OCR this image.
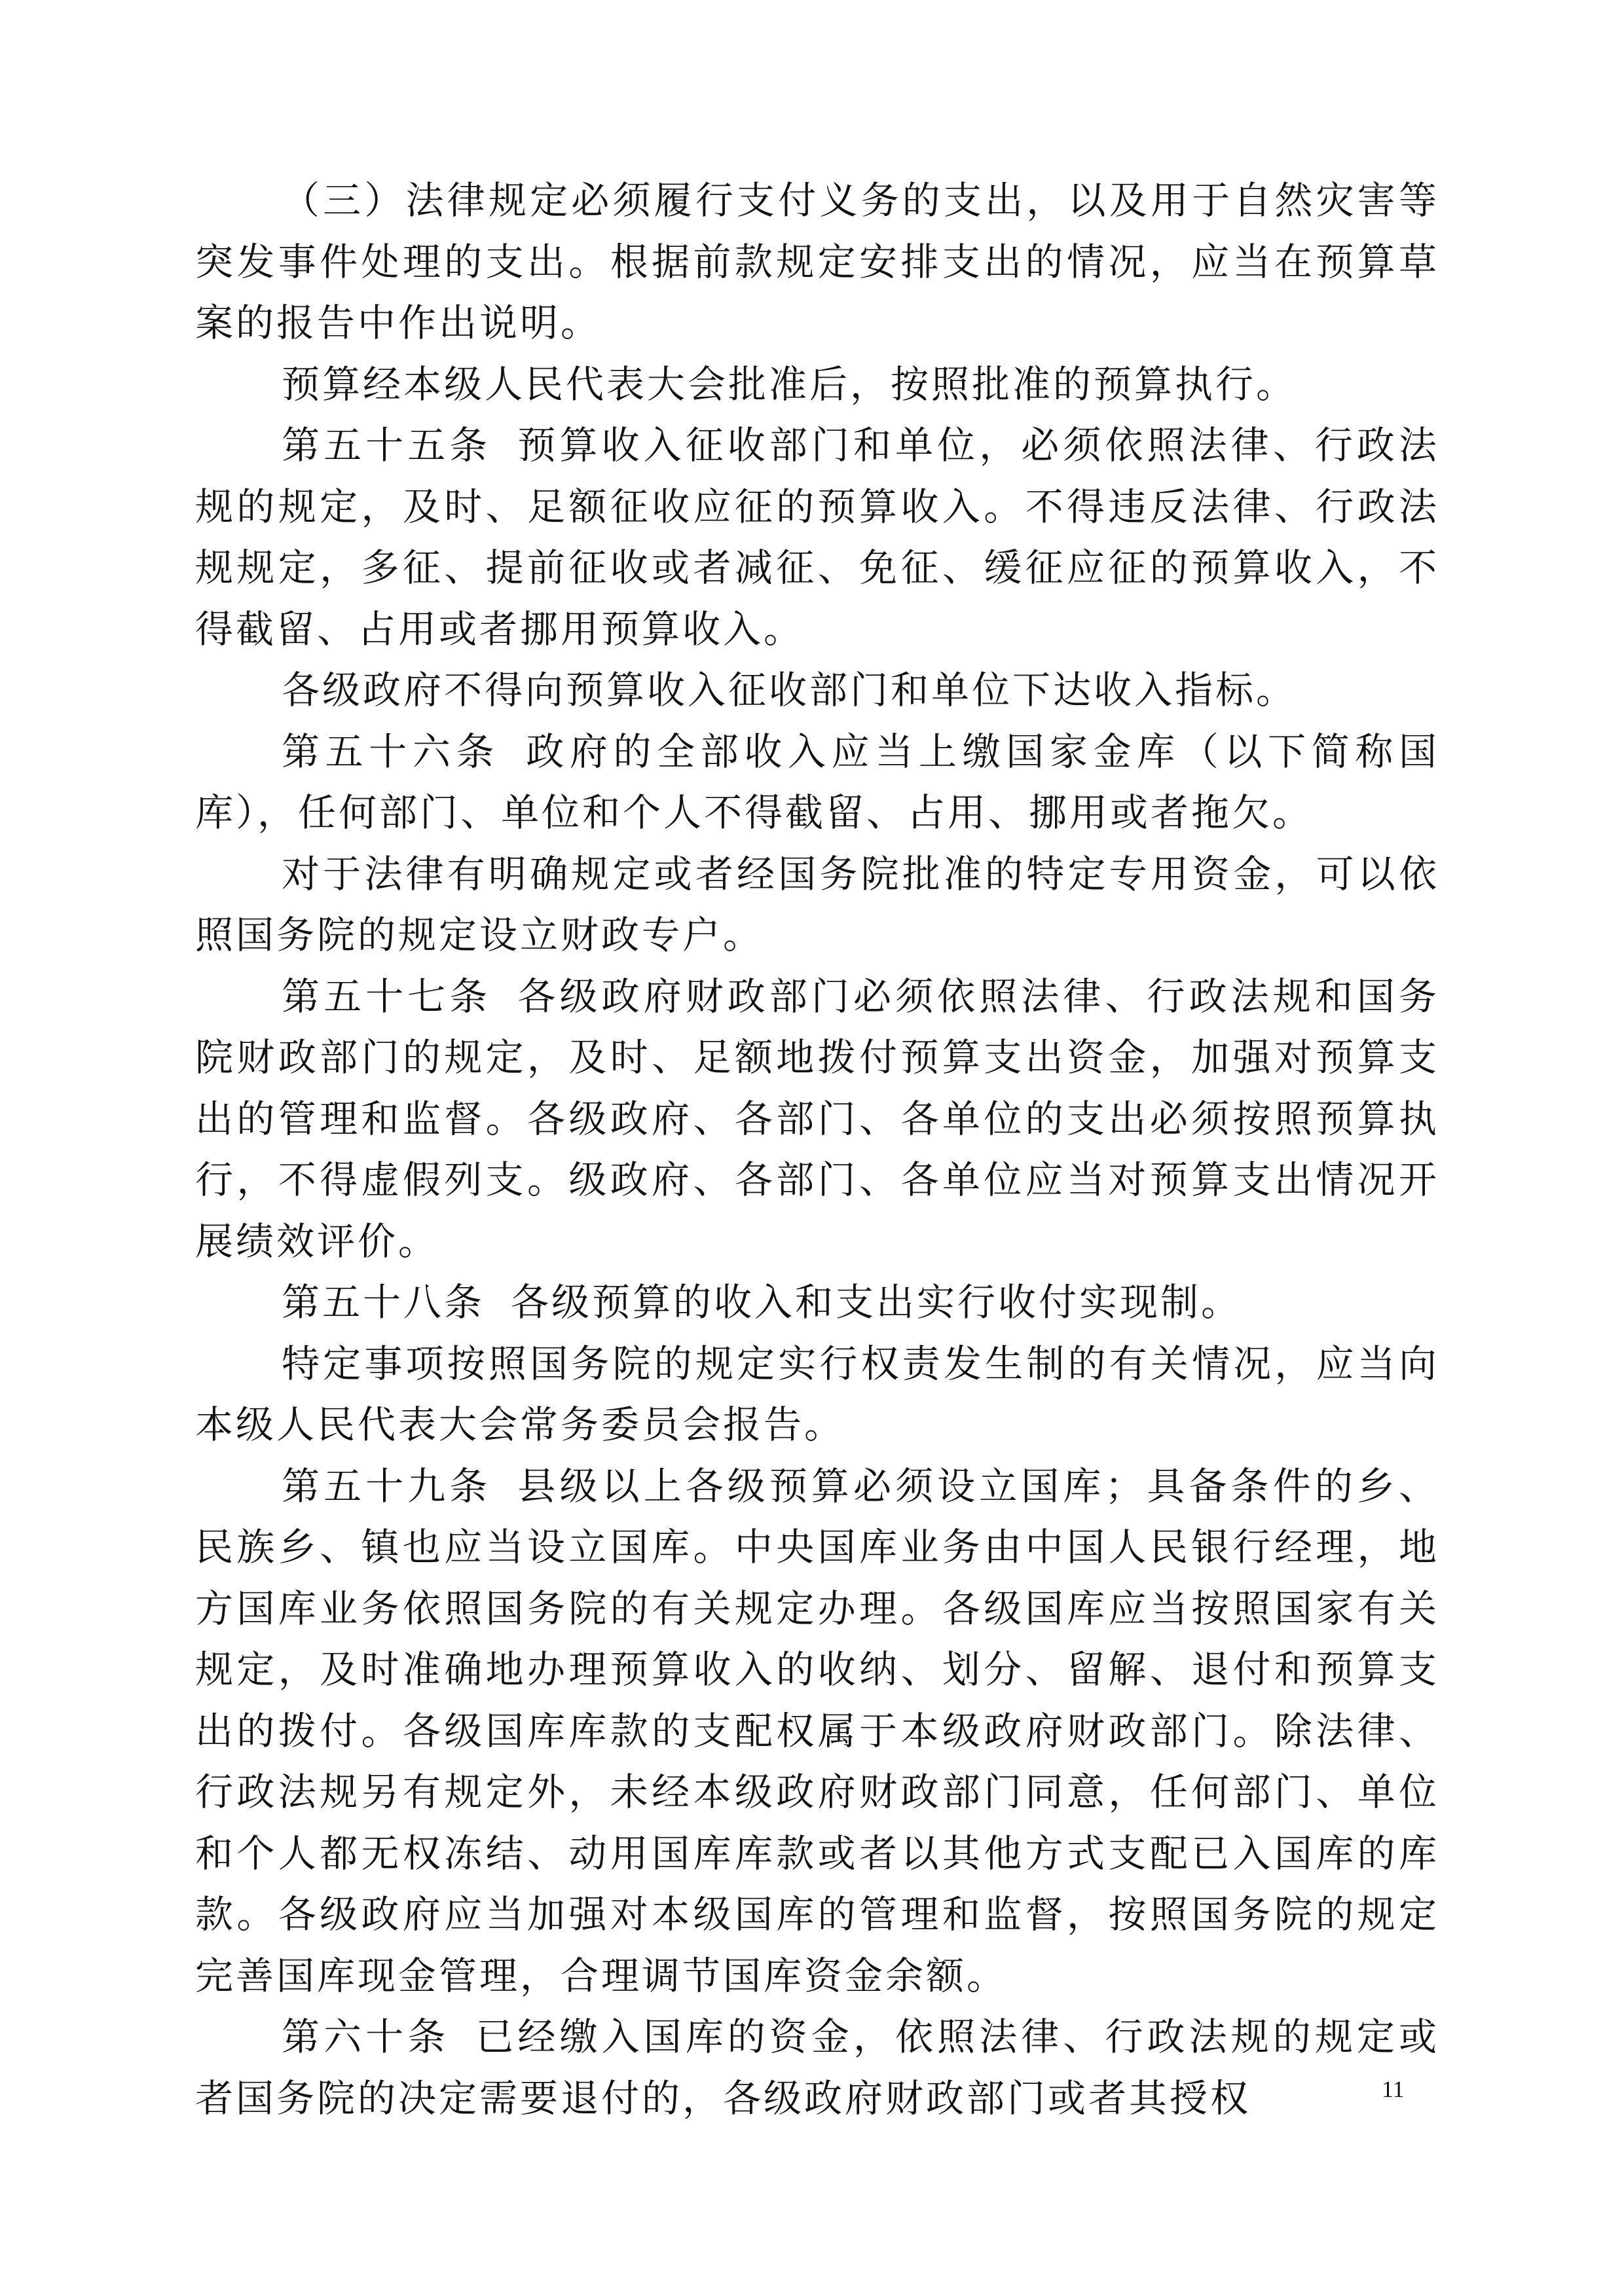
（三）法律规定必须履行支付义务的支出，以及用于自然灾害等突发事件处理的支出。根据前款规定安排支出的情况，应当在预算草案的报告中作出说明。

预算经本级人民代表大会批准后，按照批准的预算执行。

第五十五条 预算收入征收部门和单位，必须依照法律、行政法规的规定，及时、足额征收应征的预算收入。不得违反法律、行政法规规定，多征、提前征收或者减征、免征、缓征应征的预算收入，不得截留、占用或者挪用预算收入。

各级政府不得向预算收入征收部门和单位下达收入指标。

第五十六条 政府的全部收入应当上缴国家金库（以下简称国库），任何部门、单位和个人不得截留、占用、挪用或者拖欠。

对于法律有明确规定或者经国务院批准的特定专用资金，可以依照国务院的规定设立财政专户。

第五十七条 各级政府财政部门必须依照法律、行政法规和国务院财政部门的规定，及时、足额地拨付预算支出资金，加强对预算支出的管理和监督。各级政府、各部门、各单位的支出必须按照预算执行，不得虚假列支。级政府、各部门、各单位应当对预算支出情况开展绩效评价。

第五十八条 各级预算的收入和支出实行收付实现制。

特定事项按照国务院的规定实行权责发生制的有关情况，应当向本级人民代表大会常务委员会报告。

第五十九条 县级以上各级预算必须设立国库；具备条件的乡、民族乡、镇也应当设立国库。中央国库业务由中国人民银行经理，地方国库业务依照国务院的有关规定办理。各级国库应当按照国家有关规定，及时准确地办理预算收入的收纳、划分、留解、退付和预算支出的拨付。各级国库库款的支配权属于本级政府财政部门。除法律、行政法规另有规定外，未经本级政府财政部门同意，任何部门、单位和个人都无权冻结、动用国库库款或者以其他方式支配已入国库的库款。各级政府应当加强对本级国库的管理和监督，按照国务院的规定完善国库现金管理，合理调节国库资金余额。

第六十条 已经缴入国库的资金，依照法律、行政法规的规定或者国务院的决定需要退付的，各级政府财政部门或者其授权	11
